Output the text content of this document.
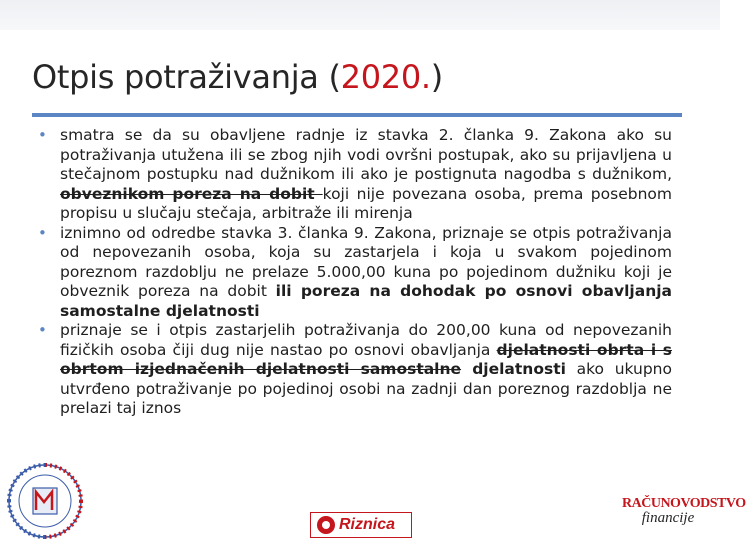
Otpis potraživanja (2020.)
• smatra se da su obavljene radnje iz stavka 2. članka 9. Zakona ako su potraživanja utužena ili se zbog njih vodi ovršni postupak, ako su prijavljena u stečajnom postupku nad dužnikom ili ako je postignuta nagodba s dužnikom, obveznikom poreza na dobit koji nije povezana osoba, prema posebnom propisu u slučaju stečaja, arbitraže ili mirenja
• iznimno od odredbe stavka 3. članka 9. Zakona, priznaje se otpis potraživanja od nepovezanih osoba, koja su zastarjela i koja u svakom pojedinom poreznom razdoblju ne prelaze 5.000,00 kuna po pojedinom dužniku koji je obveznik poreza na dobit ili poreza na dohodak po osnovi obavljanja samostalne djelatnosti
• priznaje se i otpis zastarjelih potraživanja do 200,00 kuna od nepovezanih fizičkih osoba čiji dug nije nastao po osnovi obavljanja djelatnosti obrta i s obrtom izjednačenih djelatnosti samostalne djelatnosti ako ukupno utvrđeno potraživanje po pojedinoj osobi na zadnji dan poreznog razdoblja ne prelazi taj iznos
Riznica
RAČUNOVODSTVO
financije
